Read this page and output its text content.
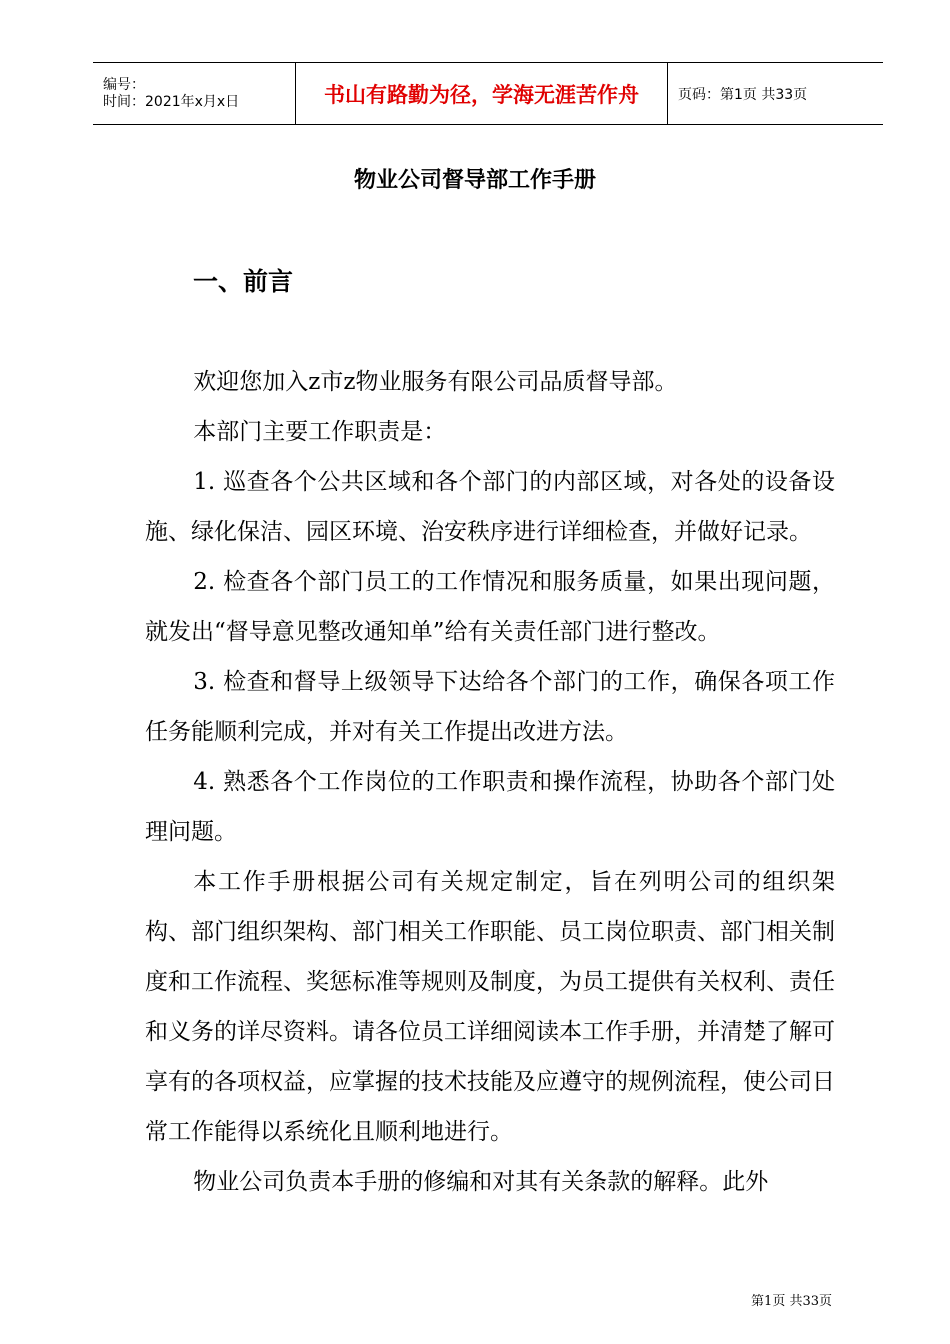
编号：
时间：2021年x月x日	书山有路勤为径，学海无涯苦作舟	页码：第1页 共33页
物业公司督导部工作手册
一、前言

欢迎您加入z市z物业服务有限公司品质督导部。

本部门主要工作职责是：

1. 巡查各个公共区域和各个部门的内部区域，对各处的设备设施、绿化保洁、园区环境、治安秩序进行详细检查，并做好记录。

2. 检查各个部门员工的工作情况和服务质量，如果出现问题，就发出“督导意见整改通知单”给有关责任部门进行整改。

3. 检查和督导上级领导下达给各个部门的工作，确保各项工作任务能顺利完成，并对有关工作提出改进方法。

4. 熟悉各个工作岗位的工作职责和操作流程，协助各个部门处理问题。

本工作手册根据公司有关规定制定，旨在列明公司的组织架构、部门组织架构、部门相关工作职能、员工岗位职责、部门相关制度和工作流程、奖惩标准等规则及制度，为员工提供有关权利、责任和义务的详尽资料。请各位员工详细阅读本工作手册，并清楚了解可享有的各项权益，应掌握的技术技能及应遵守的规例流程，使公司日常工作能得以系统化且顺利地进行。

物业公司负责本手册的修编和对其有关条款的解释。此外

第1页 共33页
